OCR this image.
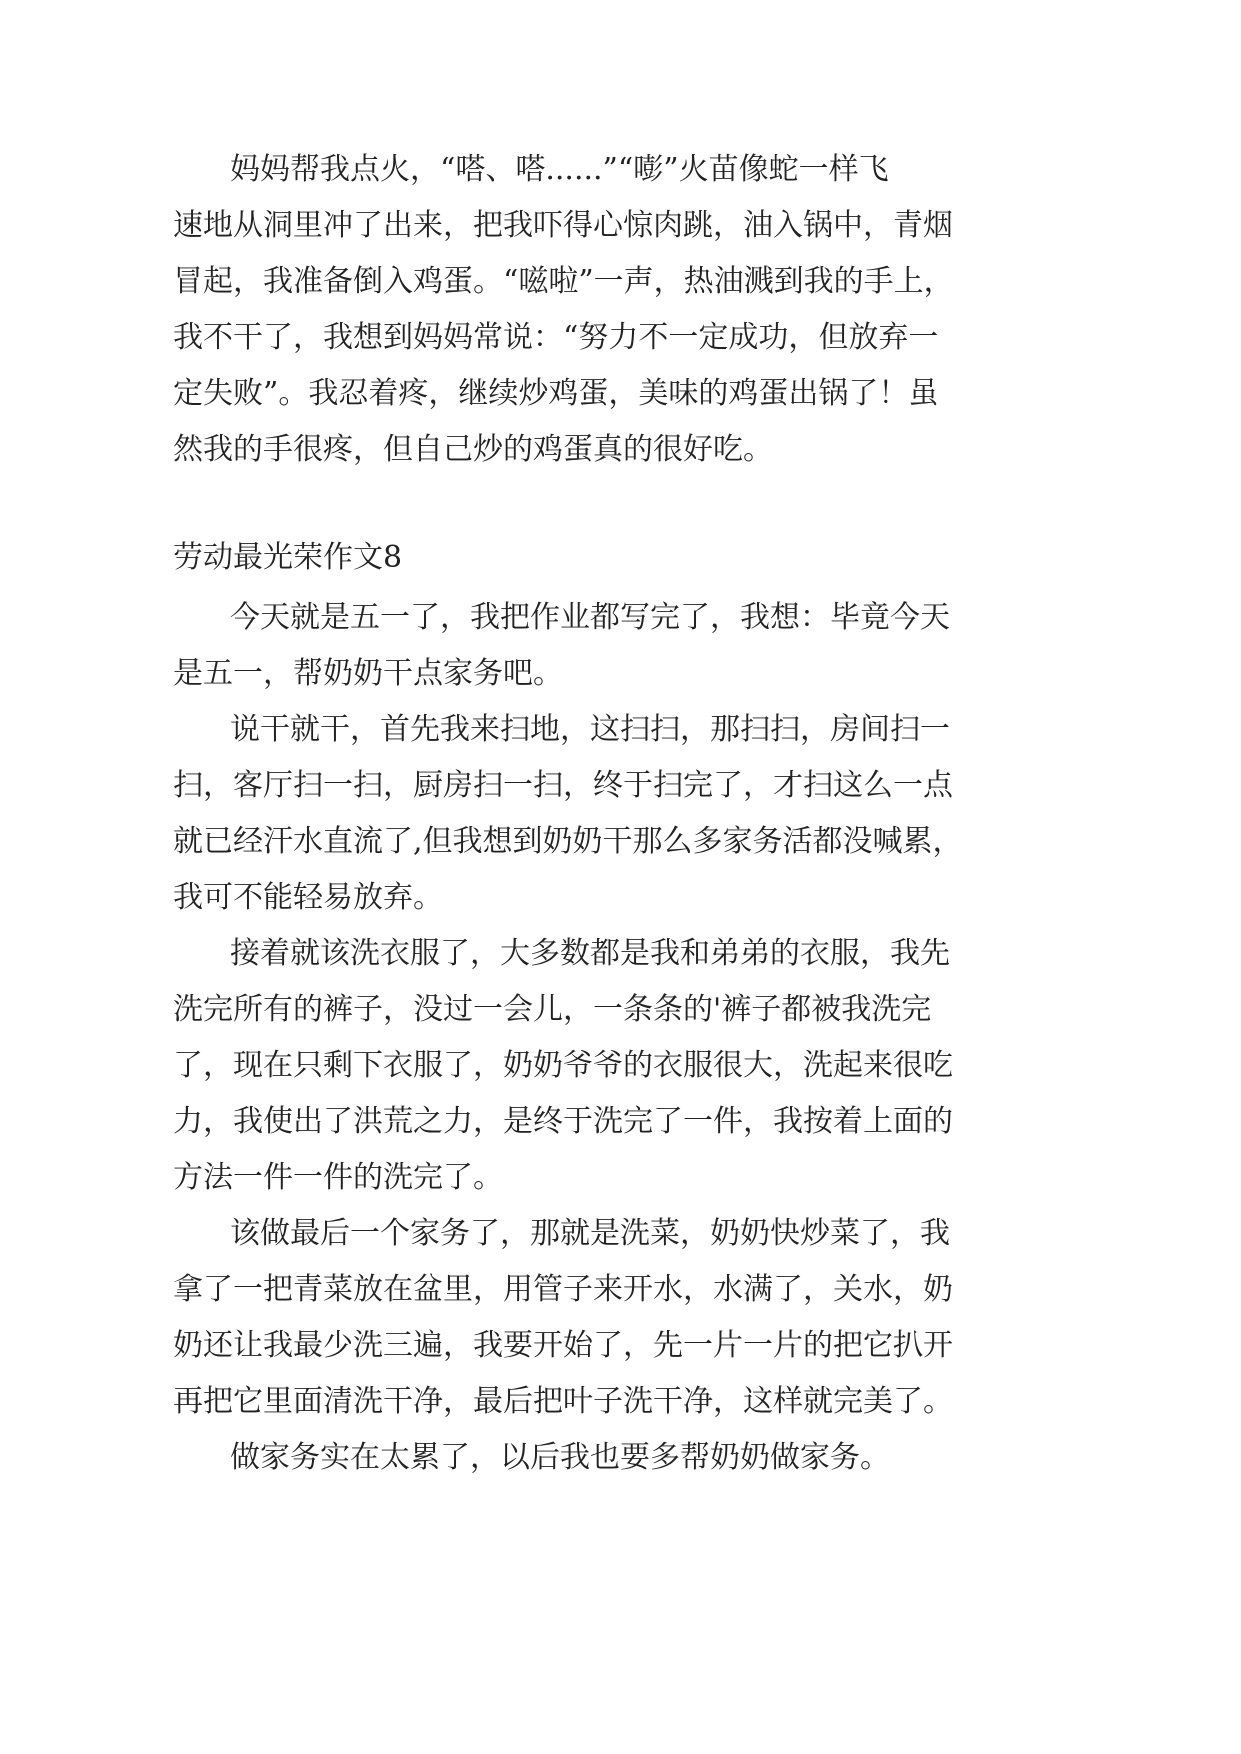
妈妈帮我点火，“嗒、嗒......”“嘭”火苗像蛇一样飞
速地从洞里冲了出来，把我吓得心惊肉跳，油入锅中，青烟
冒起，我准备倒入鸡蛋。“嗞啦”一声，热油溅到我的手上，
我不干了，我想到妈妈常说：“努力不一定成功，但放弃一
定失败”。我忍着疼，继续炒鸡蛋，美味的鸡蛋出锅了！虽
然我的手很疼，但自己炒的鸡蛋真的很好吃。
劳动最光荣作文8
今天就是五一了，我把作业都写完了，我想：毕竟今天
是五一，帮奶奶干点家务吧。
说干就干，首先我来扫地，这扫扫，那扫扫，房间扫一
扫，客厅扫一扫，厨房扫一扫，终于扫完了，才扫这么一点
就已经汗水直流了,但我想到奶奶干那么多家务活都没喊累，
我可不能轻易放弃。
接着就该洗衣服了，大多数都是我和弟弟的衣服，我先
洗完所有的裤子，没过一会儿，一条条的'裤子都被我洗完
了，现在只剩下衣服了，奶奶爷爷的衣服很大，洗起来很吃
力，我使出了洪荒之力，是终于洗完了一件，我按着上面的
方法一件一件的洗完了。
该做最后一个家务了，那就是洗菜，奶奶快炒菜了，我
拿了一把青菜放在盆里，用管子来开水，水满了，关水，奶
奶还让我最少洗三遍，我要开始了，先一片一片的把它扒开
再把它里面清洗干净，最后把叶子洗干净，这样就完美了。
做家务实在太累了，以后我也要多帮奶奶做家务。
